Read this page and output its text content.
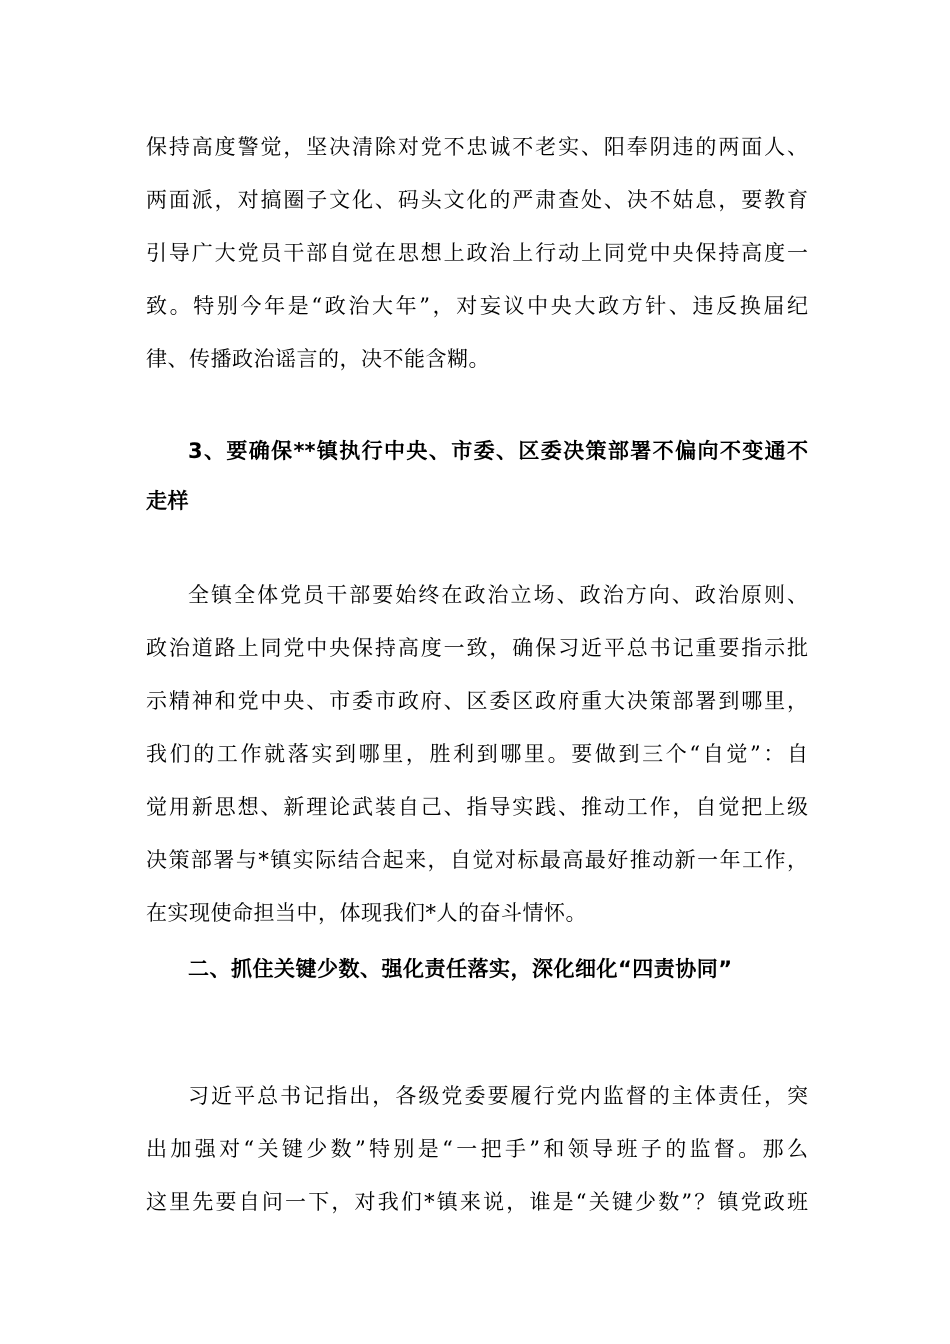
保持高度警觉，坚决清除对党不忠诚不老实、阳奉阴违的两面人、
两面派，对搞圈子文化、码头文化的严肃查处、决不姑息，要教育
引导广大党员干部自觉在思想上政治上行动上同党中央保持高度一
致。特别今年是“政治大年”，对妄议中央大政方针、违反换届纪
律、传播政治谣言的，决不能含糊。
3、要确保**镇执行中央、市委、区委决策部署不偏向不变通不
走样
全镇全体党员干部要始终在政治立场、政治方向、政治原则、
政治道路上同党中央保持高度一致，确保习近平总书记重要指示批
示精神和党中央、市委市政府、区委区政府重大决策部署到哪里，
我们的工作就落实到哪里，胜利到哪里。要做到三个“自觉”：自
觉用新思想、新理论武装自己、指导实践、推动工作，自觉把上级
决策部署与*镇实际结合起来，自觉对标最高最好推动新一年工作，
在实现使命担当中，体现我们*人的奋斗情怀。
二、抓住关键少数、强化责任落实，深化细化“四责协同”
习近平总书记指出，各级党委要履行党内监督的主体责任，突
出加强对“关键少数”特别是“一把手”和领导班子的监督。那么
这里先要自问一下，对我们*镇来说，谁是“关键少数”？镇党政班
